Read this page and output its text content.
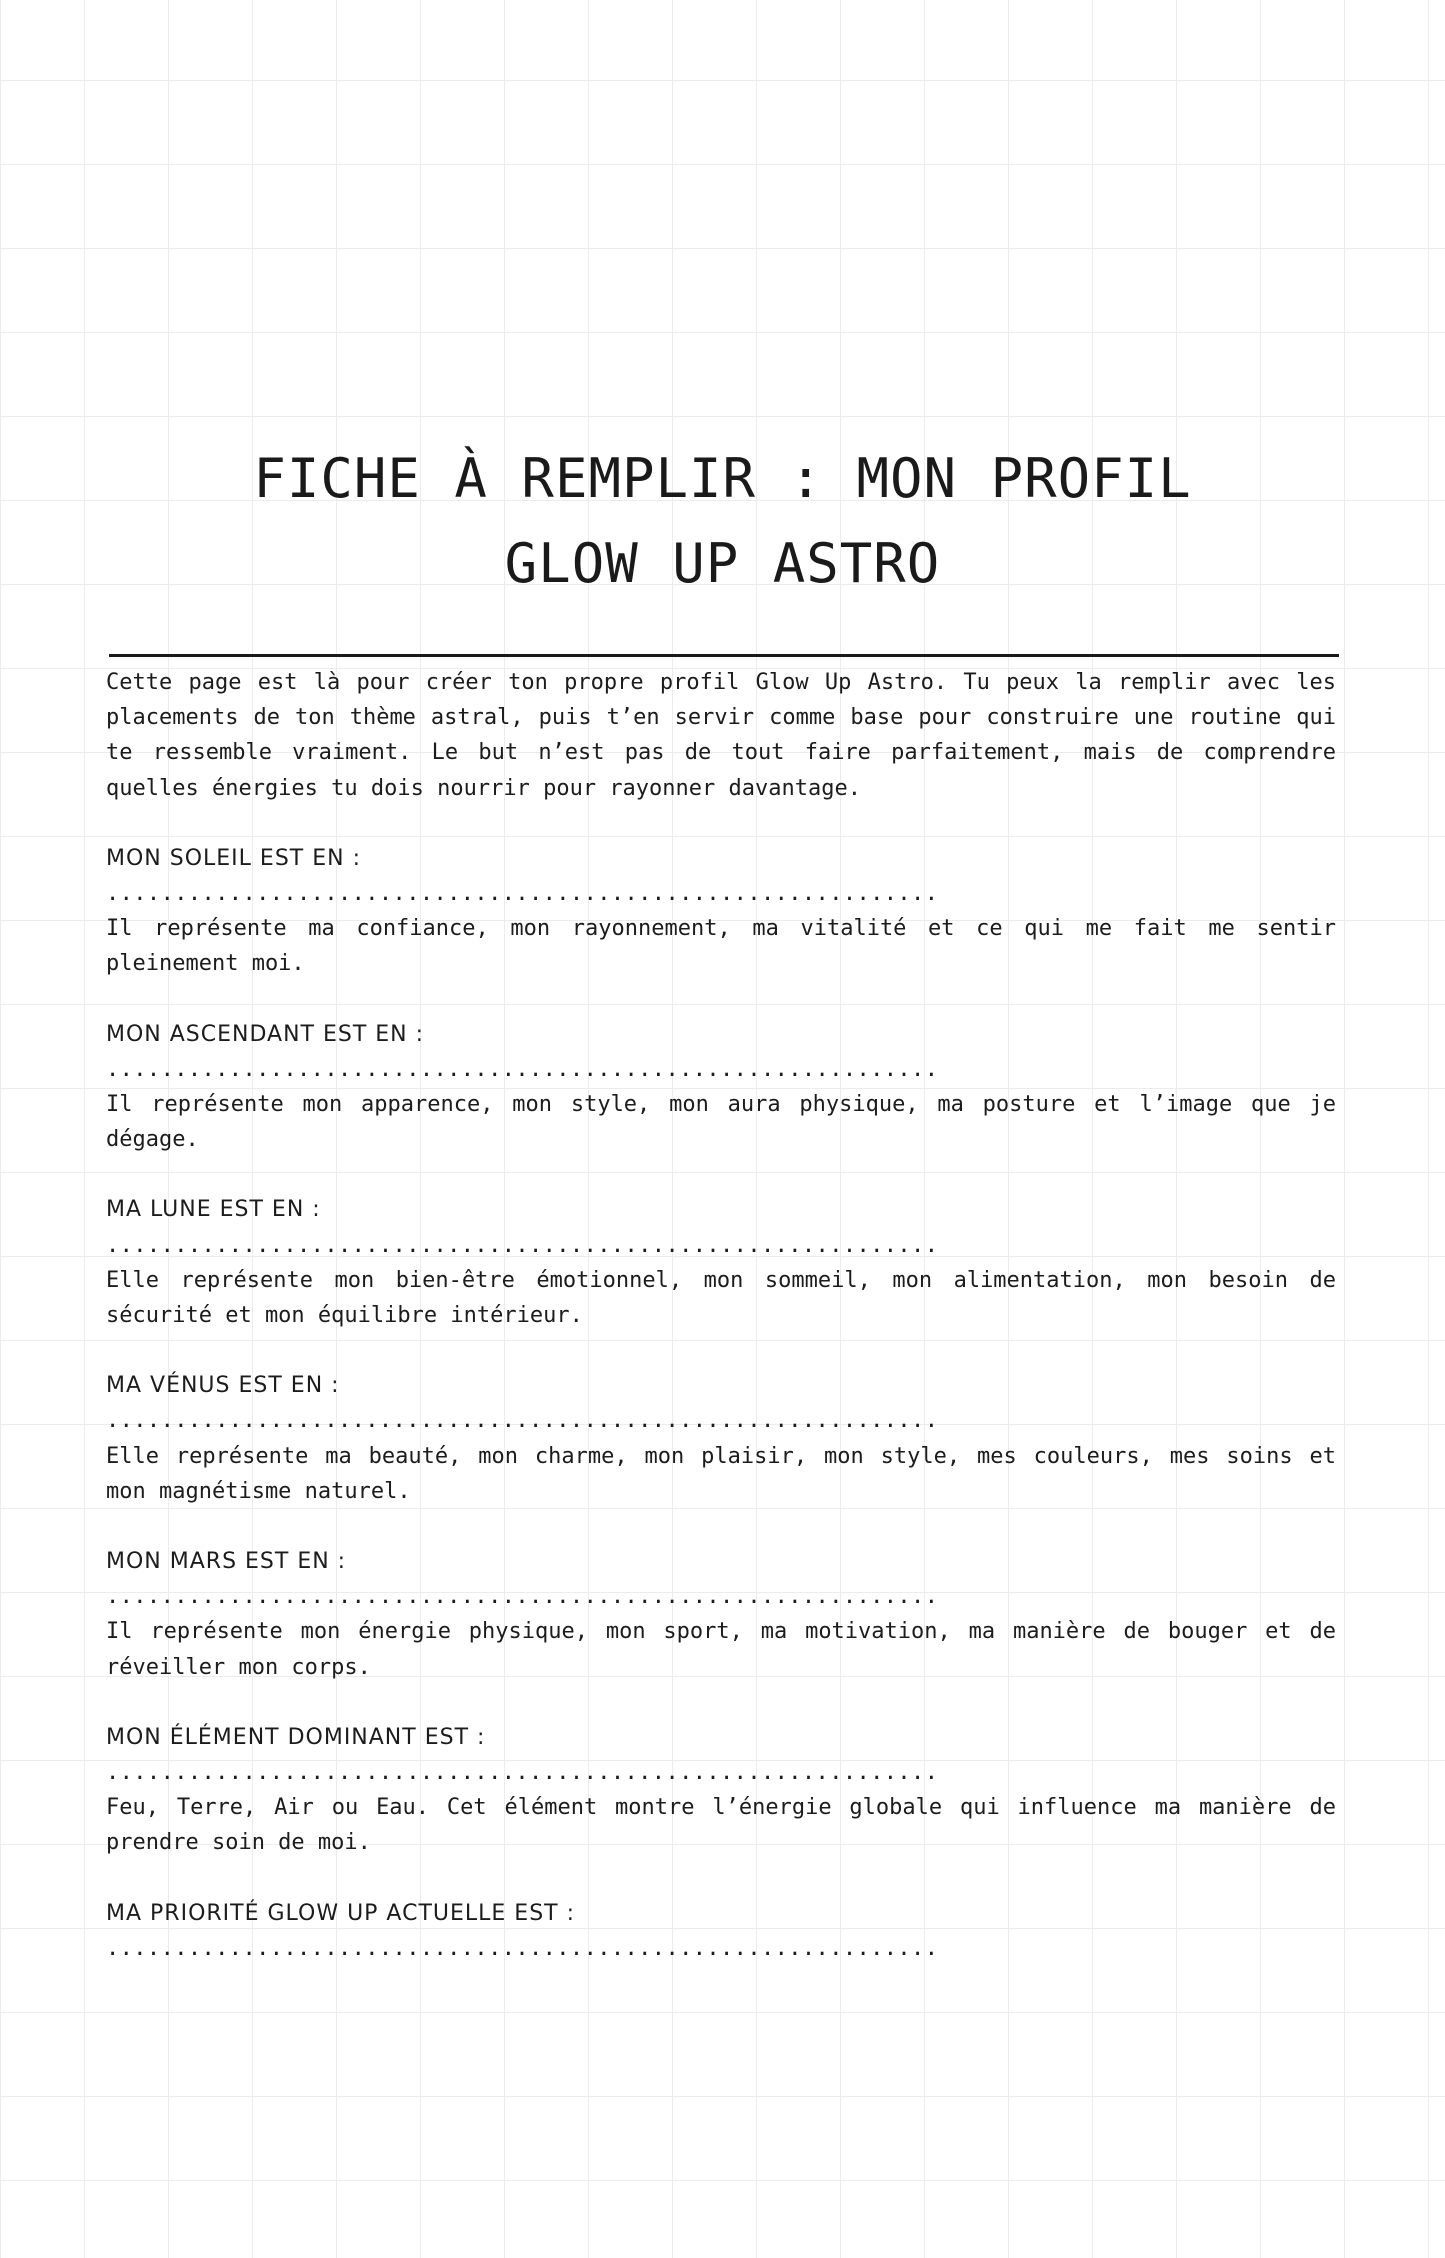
FICHE À REMPLIR : MON PROFIL
GLOW UP ASTRO

Cette page est là pour créer ton propre profil Glow Up Astro. Tu peux la remplir avec les placements de ton thème astral, puis t’en servir comme base pour construire une routine qui te ressemble vraiment. Le but n’est pas de tout faire parfaitement, mais de comprendre quelles énergies tu dois nourrir pour rayonner davantage.

MON SOLEIL EST EN :
.............................................................
Il représente ma confiance, mon rayonnement, ma vitalité et ce qui me fait me sentir pleinement moi.
MON ASCENDANT EST EN :
.............................................................
Il représente mon apparence, mon style, mon aura physique, ma posture et l’image que je dégage.
MA LUNE EST EN :
.............................................................
Elle représente mon bien-être émotionnel, mon sommeil, mon alimentation, mon besoin de sécurité et mon équilibre intérieur.
MA VÉNUS EST EN :
.............................................................
Elle représente ma beauté, mon charme, mon plaisir, mon style, mes couleurs, mes soins et mon magnétisme naturel.
MON MARS EST EN :
.............................................................
Il représente mon énergie physique, mon sport, ma motivation, ma manière de bouger et de réveiller mon corps.
MON ÉLÉMENT DOMINANT EST :
.............................................................
Feu, Terre, Air ou Eau. Cet élément montre l’énergie globale qui influence ma manière de prendre soin de moi.
MA PRIORITÉ GLOW UP ACTUELLE EST :
.............................................................
